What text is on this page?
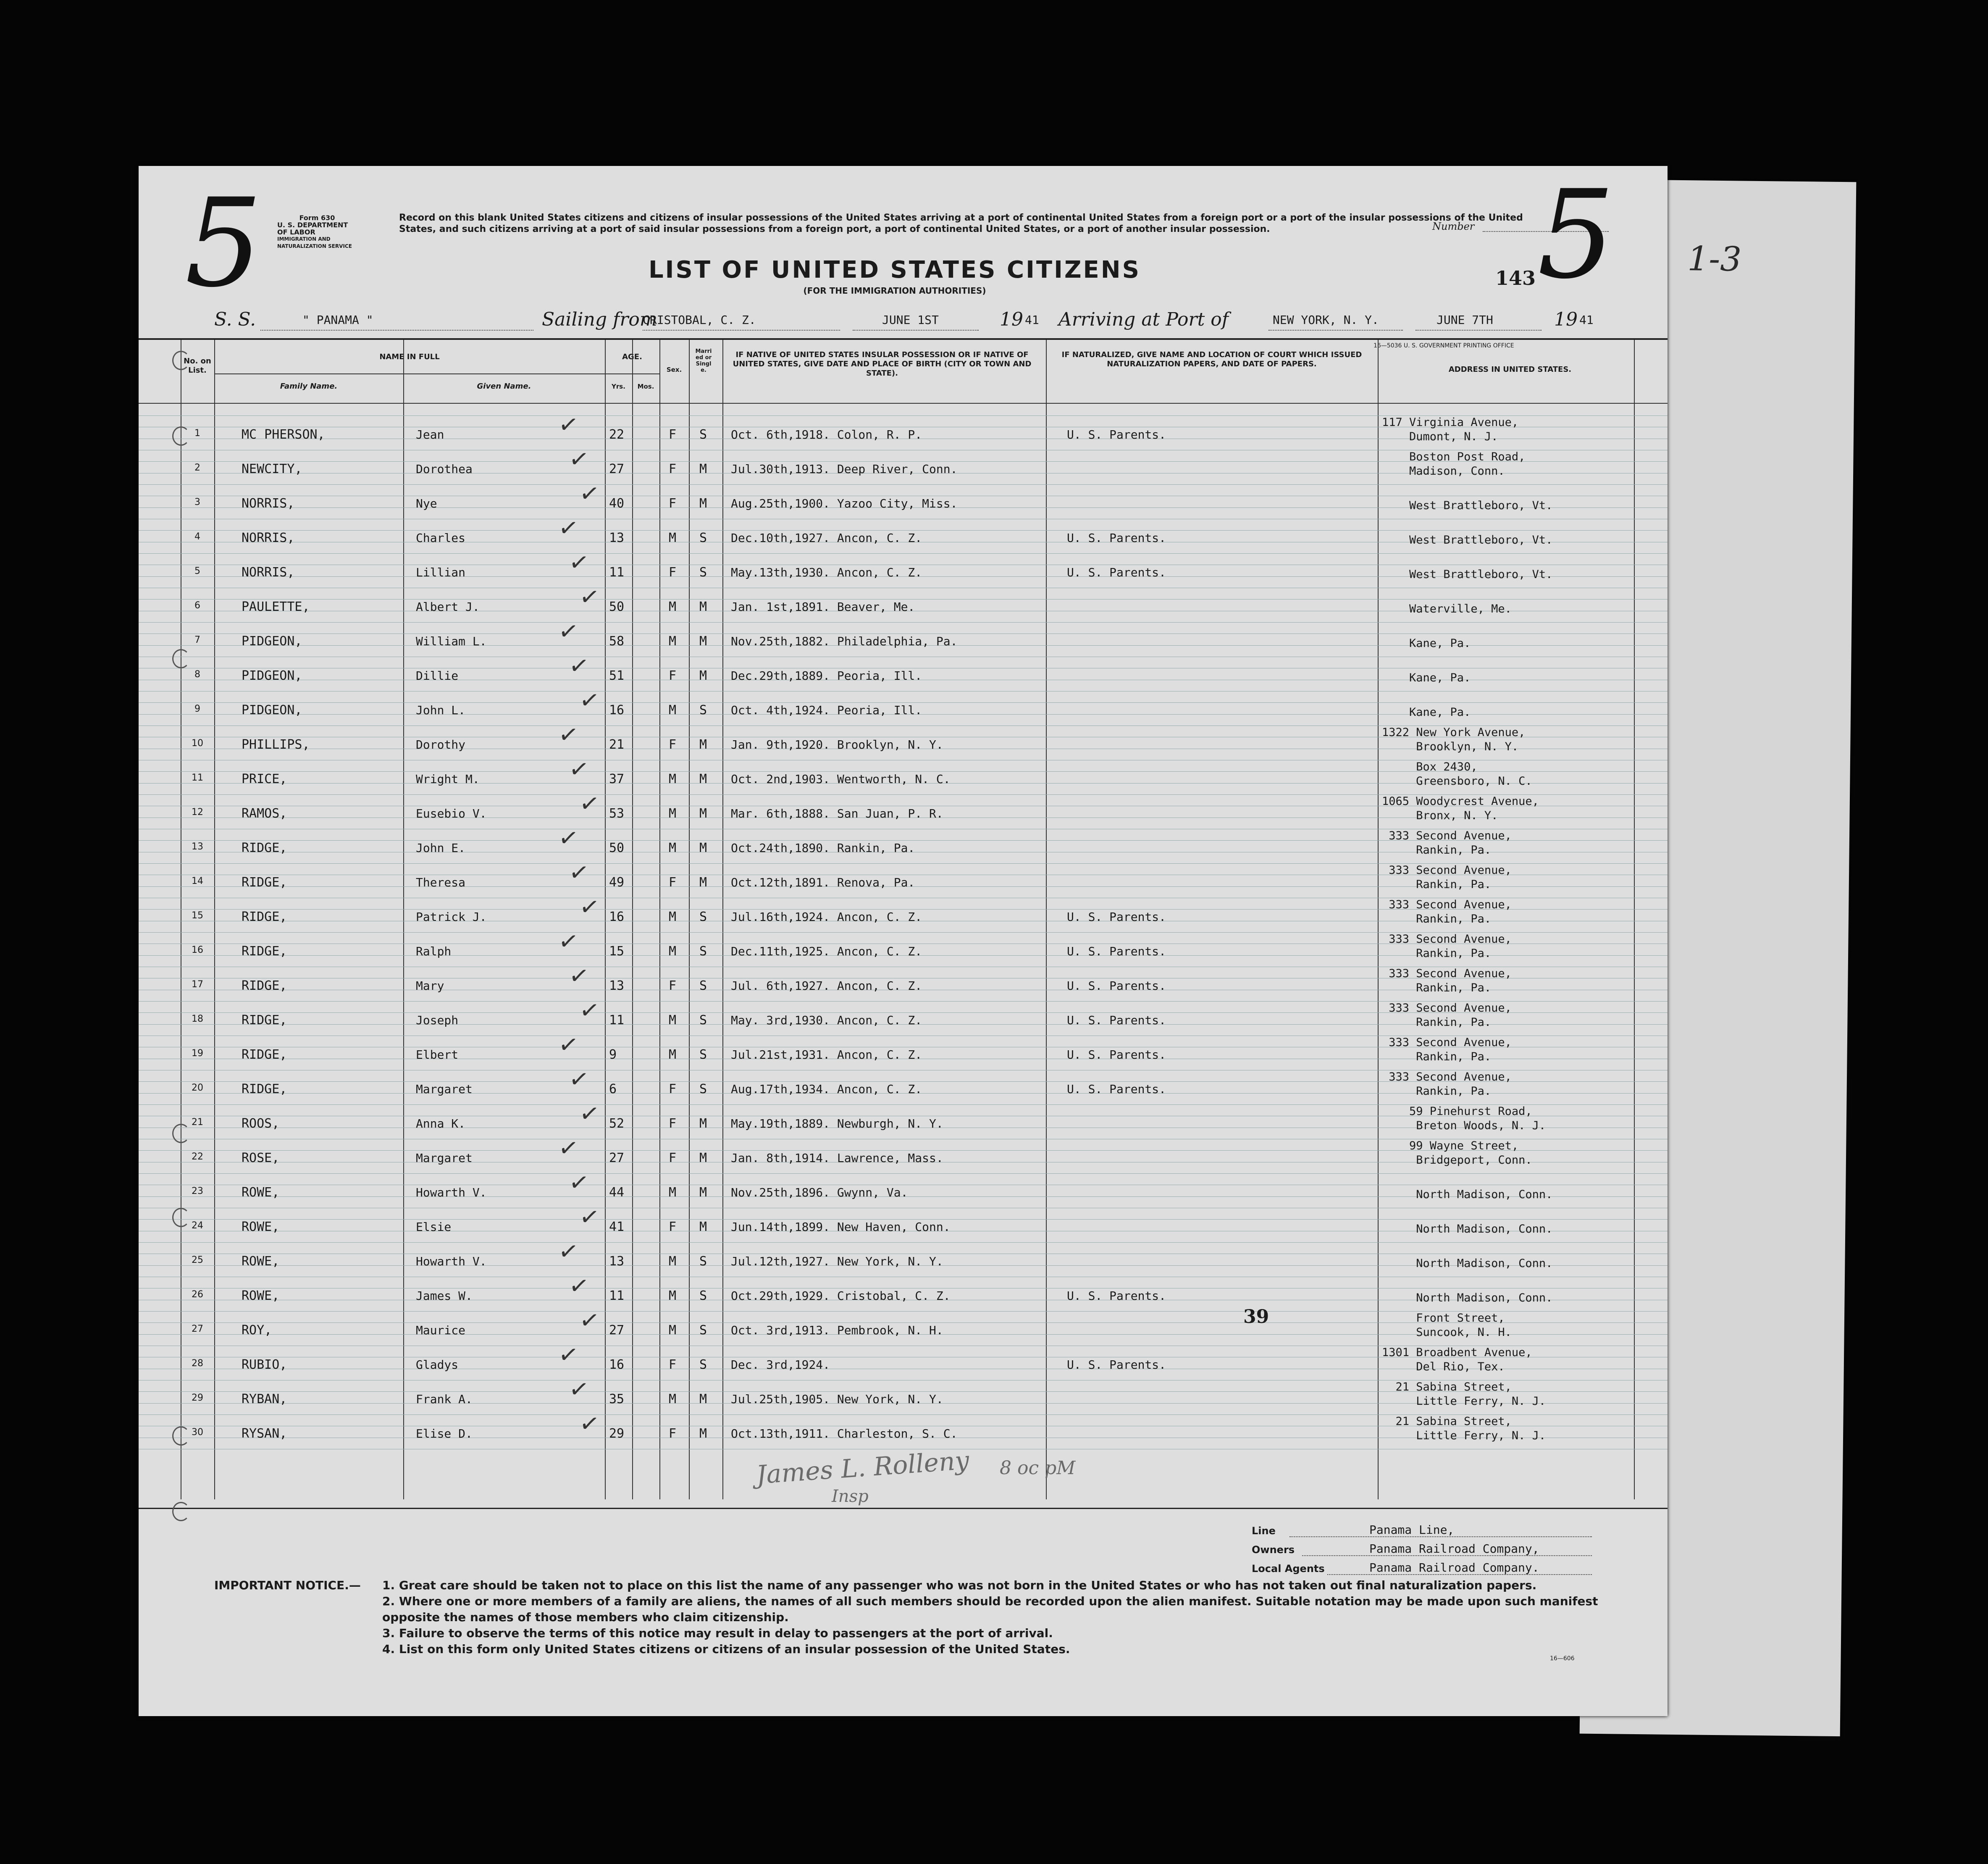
1-3
Form 630
U. S. DEPARTMENT OF LABOR
IMMIGRATION AND NATURALIZATION SERVICE
5	Record on this blank United States citizens and citizens of insular possessions of the United States arriving at a port of continental United States from a foreign port or a port of the insular possessions of the United States, and such citizens arriving at a port of said insular possessions from a foreign port, a port of continental United States, or a port of another insular possession.	Number 5
LIST OF UNITED STATES CITIZENS
(FOR THE IMMIGRATION AUTHORITIES)
143
S. S.	" PANAMA "	Sailing from
CRISTOBAL, C. Z.	JUNE 1ST	19 41 Arriving at Port of	NEW YORK, N. Y.	JUNE 7TH	19 41
16—5036 U. S. GOVERNMENT PRINTING OFFICE
No. on List.
NAME IN FULL
Family Name.	Given Name.
AGE.
Yrs.	Mos.
Sex.
Married or Single.
IF NATIVE OF UNITED STATES INSULAR POSSESSION OR IF NATIVE OF UNITED STATES, GIVE DATE AND PLACE OF BIRTH (CITY OR TOWN AND STATE).
IF NATURALIZED, GIVE NAME AND LOCATION OF COURT WHICH ISSUED NATURALIZATION PAPERS, AND DATE OF PAPERS.
ADDRESS IN UNITED STATES.
1	MC PHERSON,	Jean	22	F S Oct. 6th,1918. Colon, R. P.	U. S. Parents.
117 Virginia Avenue,
Dumont, N. J.
✓
2	NEWCITY,	Dorothea	27	F M Jul.30th,1913. Deep River, Conn.
Boston Post Road,
Madison, Conn.
✓
3	NORRIS,	Nye	40	F M Aug.25th,1900. Yazoo City, Miss.	
West Brattleboro, Vt.
✓
4	NORRIS,	Charles	13	M S Dec.10th,1927. Ancon, C. Z.	U. S. Parents.	
West Brattleboro, Vt.
✓
5	NORRIS,	Lillian	11	F S May.13th,1930. Ancon, C. Z.	U. S. Parents.	
West Brattleboro, Vt.
✓
6	PAULETTE,	Albert J.	50	M M Jan. 1st,1891. Beaver, Me.	
Waterville, Me.
✓
7	PIDGEON,	William L.	58	M M Nov.25th,1882. Philadelphia, Pa.	
Kane, Pa.
✓
8	PIDGEON,	Dillie	51	F M Dec.29th,1889. Peoria, Ill.	
Kane, Pa.
✓
9	PIDGEON,	John L.	16	M S Oct. 4th,1924. Peoria, Ill.	
Kane, Pa.
✓
10	PHILLIPS,	Dorothy	21	F M Jan. 9th,1920. Brooklyn, N. Y.
1322 New York Avenue,
Brooklyn, N. Y.
✓
11	PRICE,	Wright M.	37	M M Oct. 2nd,1903. Wentworth, N. C.
Box 2430,
Greensboro, N. C.
✓
12	RAMOS,	Eusebio V.	53	M M Mar. 6th,1888. San Juan, P. R.
1065 Woodycrest Avenue,
Bronx, N. Y.
✓
13	RIDGE,	John E.	50	M M Oct.24th,1890. Rankin, Pa.
333 Second Avenue,
Rankin, Pa.
✓
14	RIDGE,	Theresa	49	F M Oct.12th,1891. Renova, Pa.
333 Second Avenue,
Rankin, Pa.
✓
15	RIDGE,	Patrick J.	16	M S Jul.16th,1924. Ancon, C. Z.	U. S. Parents.
333 Second Avenue,
Rankin, Pa.
✓
16	RIDGE,	Ralph	15	M S Dec.11th,1925. Ancon, C. Z.	U. S. Parents.
333 Second Avenue,
Rankin, Pa.
✓
17	RIDGE,	Mary	13	F S Jul. 6th,1927. Ancon, C. Z.	U. S. Parents.
333 Second Avenue,
Rankin, Pa.
✓
18	RIDGE,	Joseph	11	M S May. 3rd,1930. Ancon, C. Z.	U. S. Parents.
333 Second Avenue,
Rankin, Pa.
✓
19	RIDGE,	Elbert	9	M S Jul.21st,1931. Ancon, C. Z.	U. S. Parents.
333 Second Avenue,
Rankin, Pa.
✓
20	RIDGE,	Margaret	6	F S Aug.17th,1934. Ancon, C. Z.	U. S. Parents.
333 Second Avenue,
Rankin, Pa.
✓
21	ROOS,	Anna K.	52	F M May.19th,1889. Newburgh, N. Y.
59 Pinehurst Road,
Breton Woods, N. J.
✓
22	ROSE,	Margaret	27	F M Jan. 8th,1914. Lawrence, Mass.
99 Wayne Street,
Bridgeport, Conn.
✓
23	ROWE,	Howarth V.	44	M M Nov.25th,1896. Gwynn, Va.	
North Madison, Conn.
✓
24	ROWE,	Elsie	41	F M Jun.14th,1899. New Haven, Conn.	
North Madison, Conn.
✓
25	ROWE,	Howarth V.	13	M S Jul.12th,1927. New York, N. Y.	
North Madison, Conn.
✓
26	ROWE,	James W.	11	M S Oct.29th,1929. Cristobal, C. Z.	U. S. Parents.	
North Madison, Conn.
✓
27	ROY,	Maurice	27	M S Oct. 3rd,1913. Pembrook, N. H.
Front Street,
Suncook, N. H.
✓
28	RUBIO,	Gladys	16	F S Dec. 3rd,1924.	U. S. Parents.
1301 Broadbent Avenue,
Del Rio, Tex.
✓
29	RYBAN,	Frank A.	35	M M Jul.25th,1905. New York, N. Y.
21 Sabina Street,
Little Ferry, N. J.
✓
30	RYSAN,	Elise D.	29	F M Oct.13th,1911. Charleston, S. C.
21 Sabina Street,
Little Ferry, N. J.
✓
39
James L. Rolleny 8 oc pM
Insp
Line	Panama Line,
Owners	Panama Railroad Company,
Local Agents	Panama Railroad Company.
IMPORTANT NOTICE.— 1. Great care should be taken not to place on this list the name of any passenger who was not born in the United States or who has not taken out final naturalization papers.
2. Where one or more members of a family are aliens, the names of all such members should be recorded upon the alien manifest. Suitable notation may be made upon such manifest opposite the names of those members who claim citizenship.
3. Failure to observe the terms of this notice may result in delay to passengers at the port of arrival.
4. List on this form only United States citizens or citizens of an insular possession of the United States.
16—606
